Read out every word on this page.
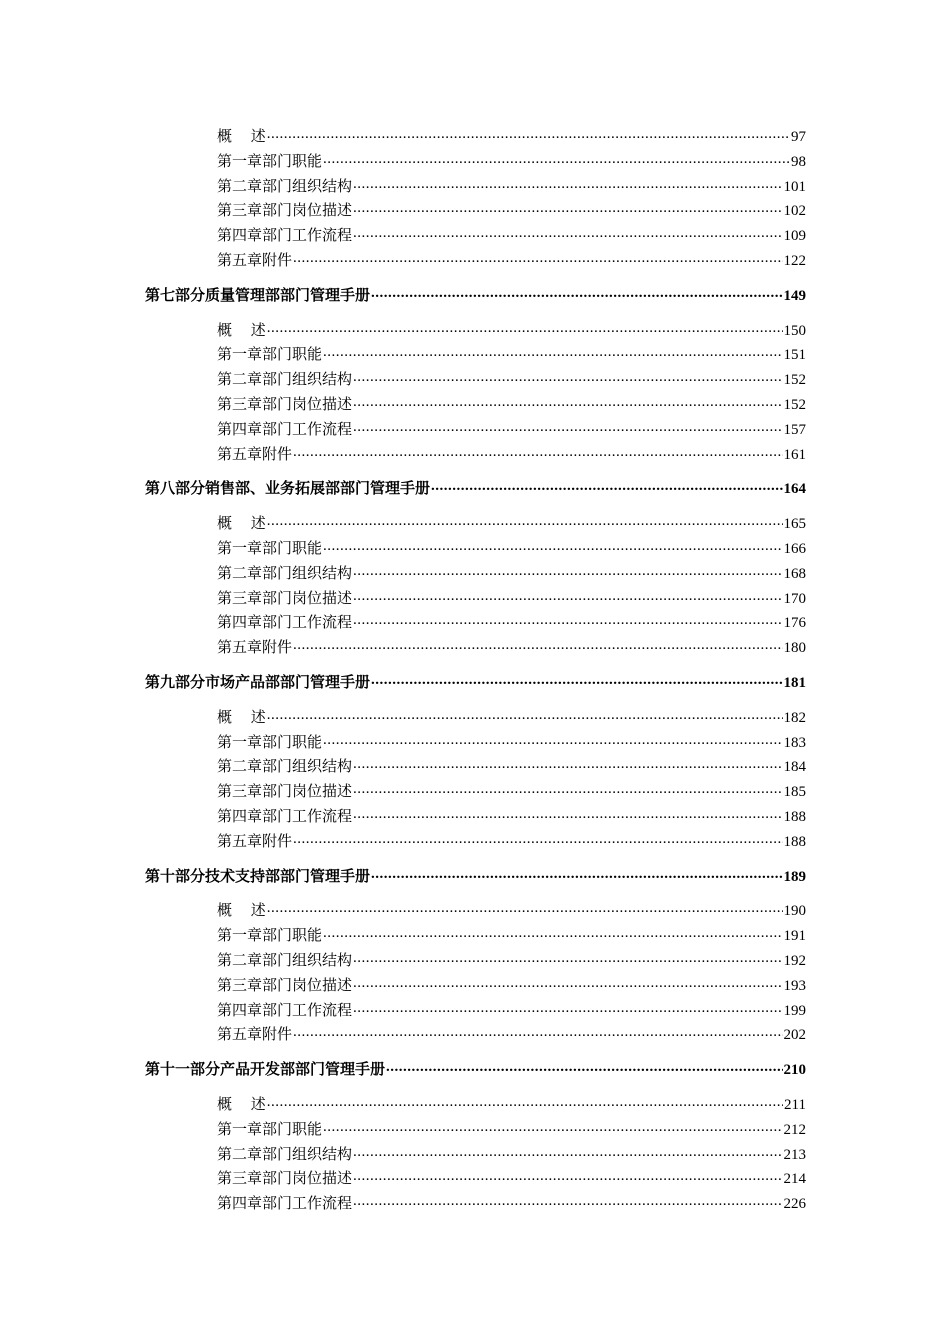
概　 述 .....	97
第一章 部门职能 .....	98
第二章 部门组织结构 .....	101
第三章 部门岗位描述 .....	102
第四章 部门工作流程 .....	109
第五章 附件 .....	122
第七部分 质量管理部部门管理手册 .....	149
概　 述 .....	150
第一章 部门职能 .....	151
第二章 部门组织结构 .....	152
第三章 部门岗位描述 .....	152
第四章 部门工作流程 .....	157
第五章 附件 .....	161
第八部分 销售部、业务拓展部部门管理手册 .....	164
概　 述 .....	165
第一章 部门职能 .....	166
第二章 部门组织结构 .....	168
第三章 部门岗位描述 .....	170
第四章 部门工作流程 .....	176
第五章 附件 .....	180
第九部分 市场产品部部门管理手册 .....	181
概　 述 .....	182
第一章 部门职能 .....	183
第二章 部门组织结构 .....	184
第三章 部门岗位描述 .....	185
第四章 部门工作流程 .....	188
第五章 附件 .....	188
第十部分 技术支持部部门管理手册 .....	189
概　 述 .....	190
第一章 部门职能 .....	191
第二章 部门组织结构 .....	192
第三章 部门岗位描述 .....	193
第四章 部门工作流程 .....	199
第五章 附件 .....	202
第十一部分 产品开发部部门管理手册 .....	210
概　 述 .....	211
第一章 部门职能 .....	212
第二章 部门组织结构 .....	213
第三章 部门岗位描述 .....	214
第四章 部门工作流程 .....	226
